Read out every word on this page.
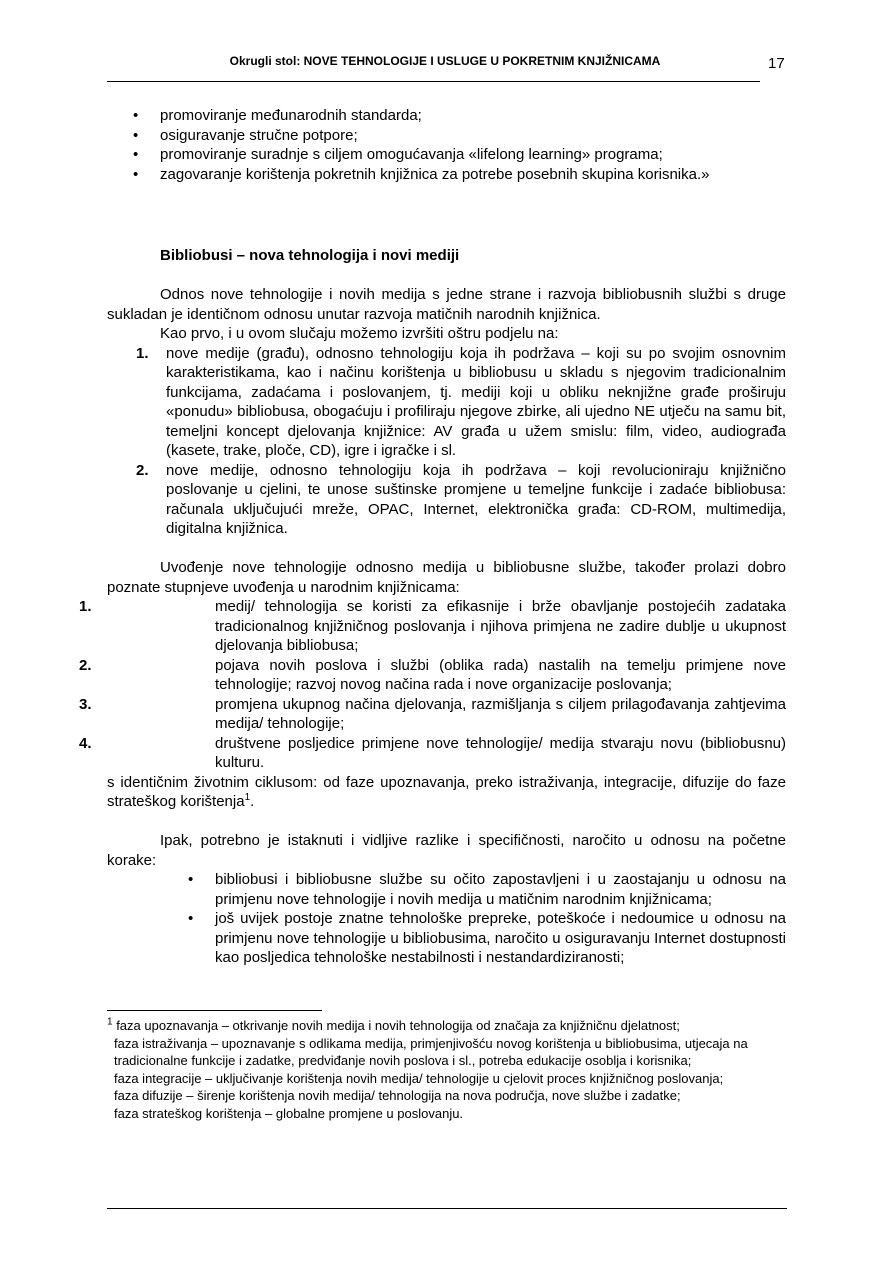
Okrugli stol: NOVE TEHNOLOGIJE I USLUGE U POKRETNIM KNJIŽNICAMA	17
• promoviranje međunarodnih standarda;
• osiguravanje stručne potpore;
• promoviranje suradnje s ciljem omogućavanja «lifelong learning» programa;
• zagovaranje korištenja pokretnih knjižnica za potrebe posebnih skupina korisnika.»

Bibliobusi – nova tehnologija i novi mediji

Odnos nove tehnologije i novih medija s jedne strane i razvoja bibliobusnih službi s druge sukladan je identičnom odnosu unutar razvoja matičnih narodnih knjižnica.

Kao prvo, i u ovom slučaju možemo izvršiti oštru podjelu na:

1. nove medije (građu), odnosno tehnologiju koja ih podržava – koji su po svojim osnovnim karakteristikama, kao i načinu korištenja u bibliobusu u skladu s njegovim tradicionalnim funkcijama, zadaćama i poslovanjem, tj. mediji koji u obliku neknjižne građe proširuju «ponudu» bibliobusa, obogaćuju i profiliraju njegove zbirke, ali ujedno NE utječu na samu bit, temeljni koncept djelovanja knjižnice: AV građa u užem smislu: film, video, audiograđa (kasete, trake, ploče, CD), igre i igračke i sl.
2. nove medije, odnosno tehnologiju koja ih podržava – koji revolucioniraju knjižnično poslovanje u cjelini, te unose suštinske promjene u temeljne funkcije i zadaće bibliobusa: računala uključujući mreže, OPAC, Internet, elektronička građa: CD-ROM, multimedija, digitalna knjižnica.

Uvođenje nove tehnologije odnosno medija u bibliobusne službe, također prolazi dobro poznate stupnjeve uvođenja u narodnim knjižnicama:

1.	medij/ tehnologija se koristi za efikasnije i brže obavljanje postojećih zadataka tradicionalnog knjižničnog poslovanja i njihova primjena ne zadire dublje u ukupnost djelovanja bibliobusa;
2.	pojava novih poslova i službi (oblika rada) nastalih na temelju primjene nove tehnologije; razvoj novog načina rada i nove organizacije poslovanja;
3.	promjena ukupnog načina djelovanja, razmišljanja s ciljem prilagođavanja zahtjevima medija/ tehnologije;
4.	društvene posljedice primjene nove tehnologije/ medija stvaraju novu (bibliobusnu) kulturu.

s identičnim životnim ciklusom: od faze upoznavanja, preko istraživanja, integracije, difuzije do faze strateškog korištenja$^1$.

Ipak, potrebno je istaknuti i vidljive razlike i specifičnosti, naročito u odnosu na početne korake:

• bibliobusi i bibliobusne službe su očito zapostavljeni i u zaostajanju u odnosu na primjenu nove tehnologije i novih medija u matičnim narodnim knjižnicama;
• još uvijek postoje znatne tehnološke prepreke, poteškoće i nedoumice u odnosu na primjenu nove tehnologije u bibliobusima, naročito u osiguravanju Internet dostupnosti kao posljedica tehnološke nestabilnosti i nestandardiziranosti;

$^1$ faza upoznavanja – otkrivanje novih medija i novih tehnologija od značaja za knjižničnu djelatnost;

faza istraživanja – upoznavanje s odlikama medija, primjenjivošću novog korištenja u bibliobusima, utjecaja na tradicionalne funkcije i zadatke, predviđanje novih poslova i sl., potreba edukacije osoblja i korisnika;

faza integracije – uključivanje korištenja novih medija/ tehnologije u cjelovit proces knjižničnog poslovanja;

faza difuzije – širenje korištenja novih medija/ tehnologija na nova područja, nove službe i zadatke;

faza strateškog korištenja – globalne promjene u poslovanju.
